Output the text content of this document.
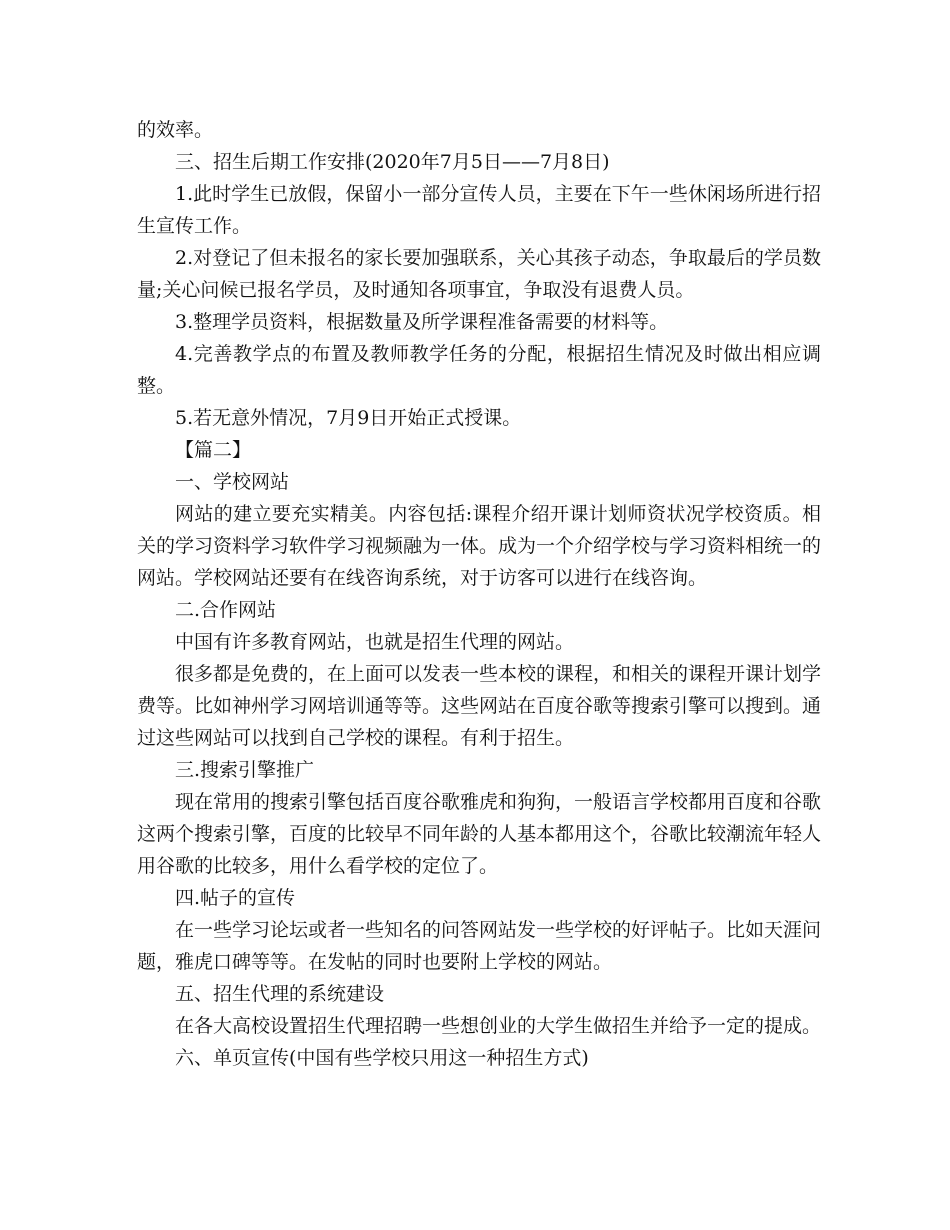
的效率。

三、招生后期工作安排(2020年7月5日——7月8日)

1.此时学生已放假，保留小一部分宣传人员，主要在下午一些休闲场所进行招生宣传工作。

2.对登记了但未报名的家长要加强联系，关心其孩子动态，争取最后的学员数量;关心问候已报名学员，及时通知各项事宜，争取没有退费人员。

3.整理学员资料，根据数量及所学课程准备需要的材料等。

4.完善教学点的布置及教师教学任务的分配，根据招生情况及时做出相应调整。

5.若无意外情况，7月9日开始正式授课。

【篇二】

一、学校网站

网站的建立要充实精美。内容包括:课程介绍开课计划师资状况学校资质。相关的学习资料学习软件学习视频融为一体。成为一个介绍学校与学习资料相统一的网站。学校网站还要有在线咨询系统，对于访客可以进行在线咨询。

二.合作网站

中国有许多教育网站，也就是招生代理的网站。

很多都是免费的，在上面可以发表一些本校的课程，和相关的课程开课计划学费等。比如神州学习网培训通等等。这些网站在百度谷歌等搜索引擎可以搜到。通过这些网站可以找到自己学校的课程。有利于招生。

三.搜索引擎推广

现在常用的搜索引擎包括百度谷歌雅虎和狗狗，一般语言学校都用百度和谷歌这两个搜索引擎，百度的比较早不同年龄的人基本都用这个，谷歌比较潮流年轻人用谷歌的比较多，用什么看学校的定位了。

四.帖子的宣传

在一些学习论坛或者一些知名的问答网站发一些学校的好评帖子。比如天涯问题，雅虎口碑等等。在发帖的同时也要附上学校的网站。

五、招生代理的系统建设

在各大高校设置招生代理招聘一些想创业的大学生做招生并给予一定的提成。

六、单页宣传(中国有些学校只用这一种招生方式)
